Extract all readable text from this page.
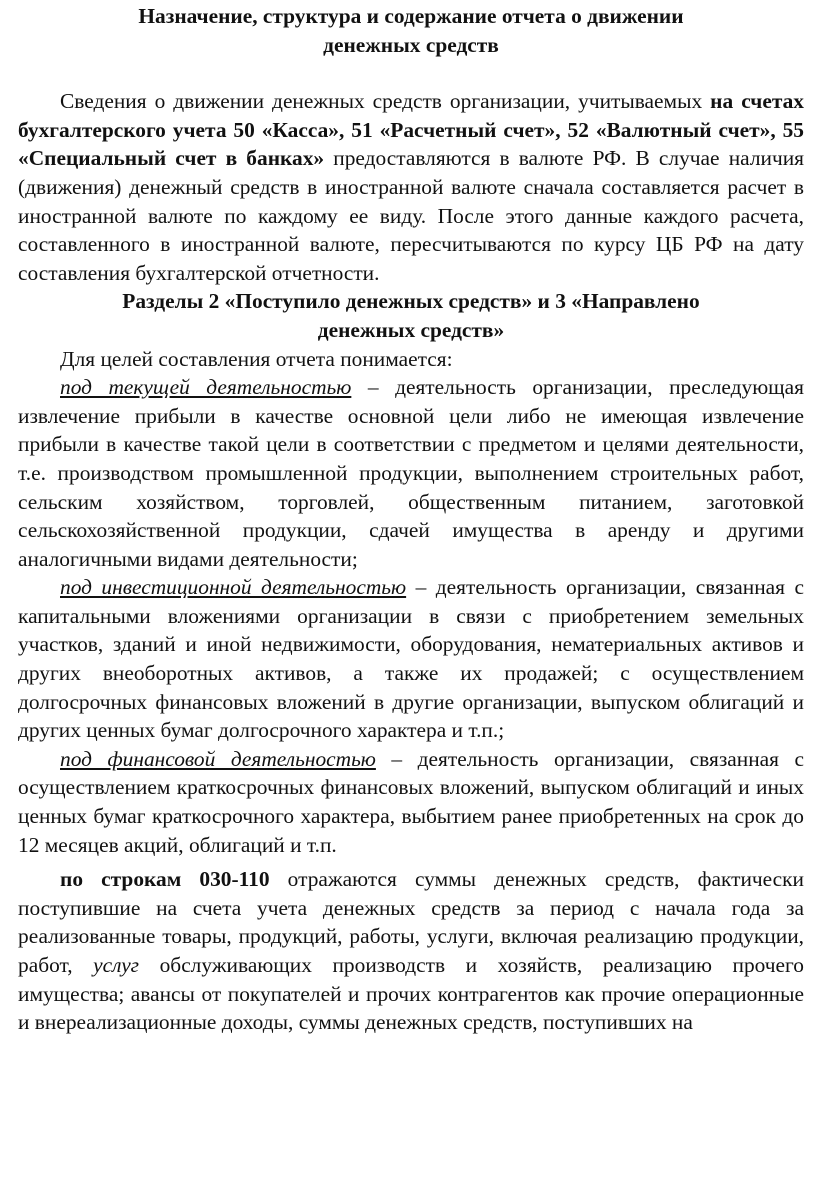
Назначение, структура и содержание отчета о движении
денежных средств

Сведения о движении денежных средств организации, учитываемых на счетах бухгалтерского учета 50 «Касса», 51 «Расчетный счет», 52 «Валютный счет», 55 «Специальный счет в банках» предоставляются в валюте РФ. В случае наличия (движения) денежный средств в иностранной валюте сначала составляется расчет в иностранной валюте по каждому ее виду. После этого данные каждого расчета, составленного в иностранной валюте, пересчитываются по курсу ЦБ РФ на дату составления бухгалтерской отчетности.

Разделы 2 «Поступило денежных средств» и 3 «Направлено
денежных средств»

Для целей составления отчета понимается:

под текущей деятельностью – деятельность организации, преследующая извлечение прибыли в качестве основной цели либо не имеющая извлечение прибыли в качестве такой цели в соответствии с предметом и целями деятельности, т.е. производством промышленной продукции, выполнением строительных работ, сельским хозяйством, торговлей, общественным питанием, заготовкой сельскохозяйственной продукции, сдачей имущества в аренду и другими аналогичными видами деятельности;

под инвестиционной деятельностью – деятельность организации, связанная с капитальными вложениями организации в связи с приобретением земельных участков, зданий и иной недвижимости, оборудования, нематериальных активов и других внеоборотных активов, а также их продажей; с осуществлением долгосрочных финансовых вложений в другие организации, выпуском облигаций и других ценных бумаг долгосрочного характера и т.п.;

под финансовой деятельностью – деятельность организации, связанная с осуществлением краткосрочных финансовых вложений, выпуском облигаций и иных ценных бумаг краткосрочного характера, выбытием ранее приобретенных на срок до 12 месяцев акций, облигаций и т.п.

по строкам 030-110 отражаются суммы денежных средств, фактически поступившие на счета учета денежных средств за период с начала года за реализованные товары, продукций, работы, услуги, включая реализацию продукции, работ, услуг обслуживающих производств и хозяйств, реализацию прочего имущества; авансы от покупателей и прочих контрагентов как прочие операционные и внереализационные доходы, суммы денежных средств, поступивших на
